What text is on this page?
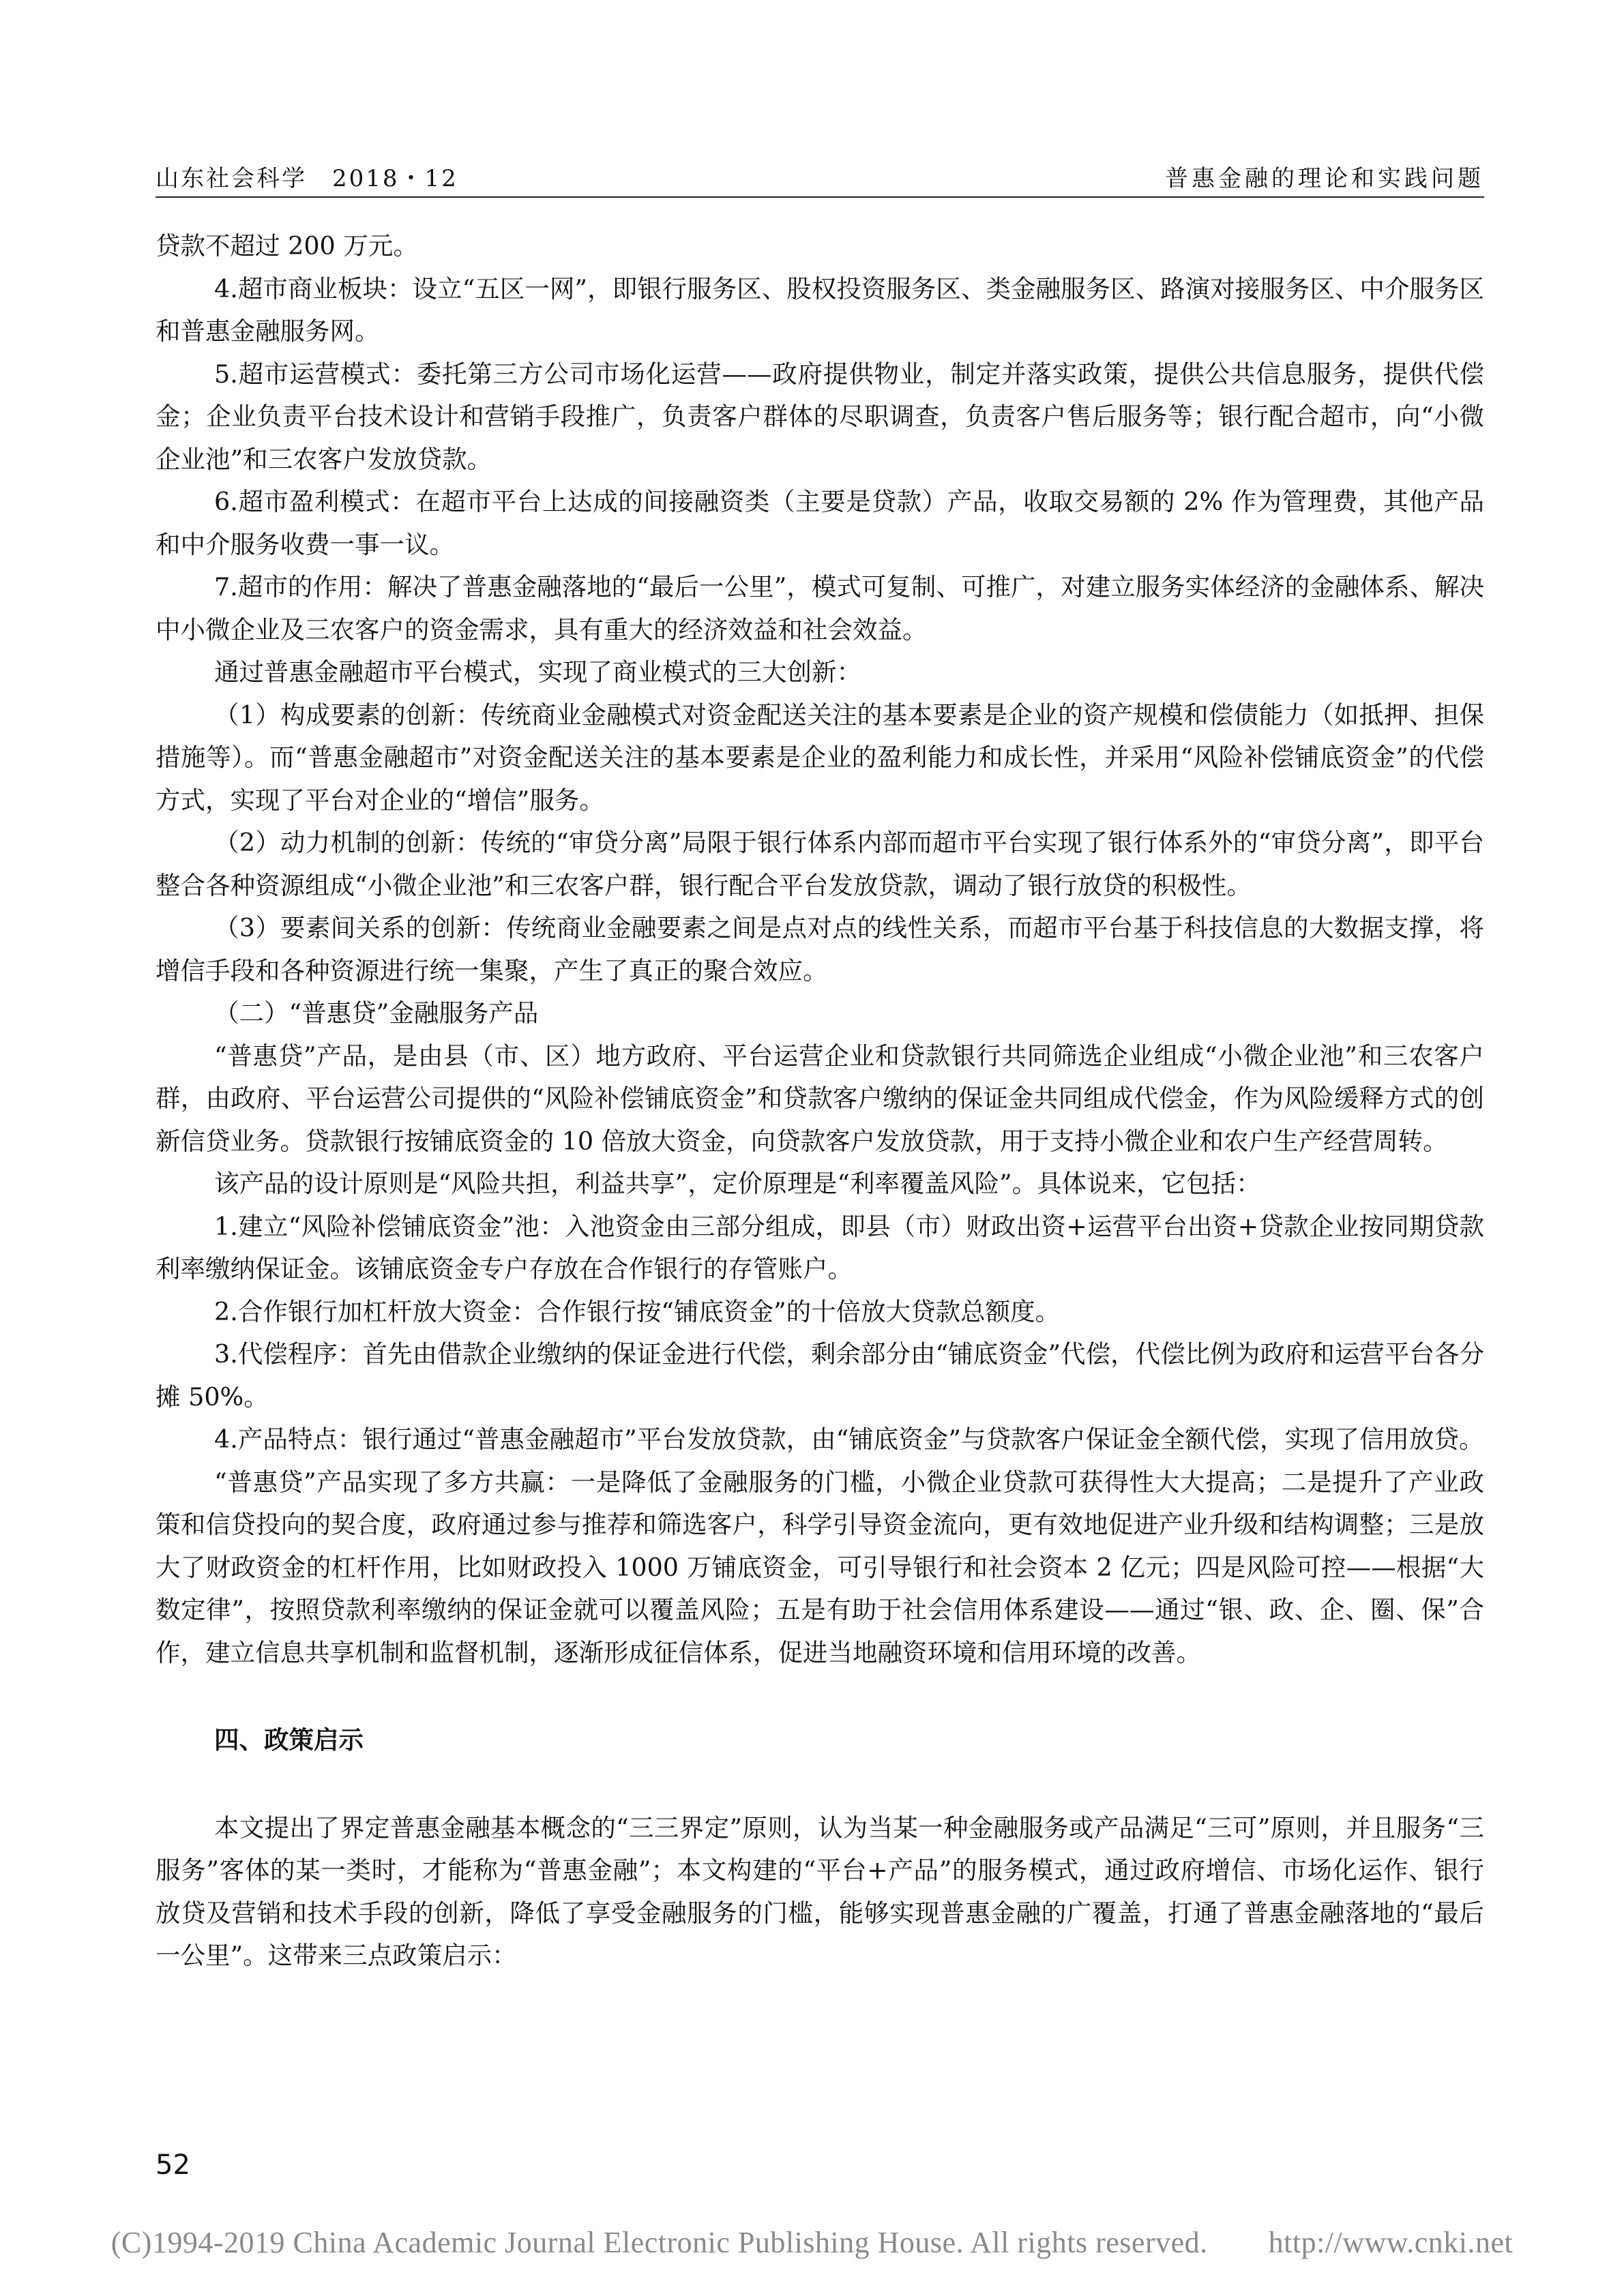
山东社会科学　2018・12	普惠金融的理论和实践问题

贷款不超过 200 万元。

4.超市商业板块：设立“五区一网”，即银行服务区、股权投资服务区、类金融服务区、路演对接服务区、中介服务区和普惠金融服务网。

5.超市运营模式：委托第三方公司市场化运营——政府提供物业，制定并落实政策，提供公共信息服务，提供代偿金；企业负责平台技术设计和营销手段推广，负责客户群体的尽职调查，负责客户售后服务等；银行配合超市，向“小微企业池”和三农客户发放贷款。

6.超市盈利模式：在超市平台上达成的间接融资类（主要是贷款）产品，收取交易额的 2% 作为管理费，其他产品和中介服务收费一事一议。

7.超市的作用：解决了普惠金融落地的“最后一公里”，模式可复制、可推广，对建立服务实体经济的金融体系、解决中小微企业及三农客户的资金需求，具有重大的经济效益和社会效益。

通过普惠金融超市平台模式，实现了商业模式的三大创新：

（1）构成要素的创新：传统商业金融模式对资金配送关注的基本要素是企业的资产规模和偿债能力（如抵押、担保措施等）。而“普惠金融超市”对资金配送关注的基本要素是企业的盈利能力和成长性，并采用“风险补偿铺底资金”的代偿方式，实现了平台对企业的“增信”服务。

（2）动力机制的创新：传统的“审贷分离”局限于银行体系内部而超市平台实现了银行体系外的“审贷分离”，即平台整合各种资源组成“小微企业池”和三农客户群，银行配合平台发放贷款，调动了银行放贷的积极性。

（3）要素间关系的创新：传统商业金融要素之间是点对点的线性关系，而超市平台基于科技信息的大数据支撑，将增信手段和各种资源进行统一集聚，产生了真正的聚合效应。

（二）“普惠贷”金融服务产品

“普惠贷”产品，是由县（市、区）地方政府、平台运营企业和贷款银行共同筛选企业组成“小微企业池”和三农客户群，由政府、平台运营公司提供的“风险补偿铺底资金”和贷款客户缴纳的保证金共同组成代偿金，作为风险缓释方式的创新信贷业务。贷款银行按铺底资金的 10 倍放大资金，向贷款客户发放贷款，用于支持小微企业和农户生产经营周转。

该产品的设计原则是“风险共担，利益共享”，定价原理是“利率覆盖风险”。具体说来，它包括：

1.建立“风险补偿铺底资金”池：入池资金由三部分组成，即县（市）财政出资+运营平台出资+贷款企业按同期贷款利率缴纳保证金。该铺底资金专户存放在合作银行的存管账户。

2.合作银行加杠杆放大资金：合作银行按“铺底资金”的十倍放大贷款总额度。

3.代偿程序：首先由借款企业缴纳的保证金进行代偿，剩余部分由“铺底资金”代偿，代偿比例为政府和运营平台各分摊 50%。

4.产品特点：银行通过“普惠金融超市”平台发放贷款，由“铺底资金”与贷款客户保证金全额代偿，实现了信用放贷。

“普惠贷”产品实现了多方共赢：一是降低了金融服务的门槛，小微企业贷款可获得性大大提高；二是提升了产业政策和信贷投向的契合度，政府通过参与推荐和筛选客户，科学引导资金流向，更有效地促进产业升级和结构调整；三是放大了财政资金的杠杆作用，比如财政投入 1000 万铺底资金，可引导银行和社会资本 2 亿元；四是风险可控——根据“大数定律”，按照贷款利率缴纳的保证金就可以覆盖风险；五是有助于社会信用体系建设——通过“银、政、企、圈、保”合作，建立信息共享机制和监督机制，逐渐形成征信体系，促进当地融资环境和信用环境的改善。

四、政策启示

本文提出了界定普惠金融基本概念的“三三界定”原则，认为当某一种金融服务或产品满足“三可”原则，并且服务“三服务”客体的某一类时，才能称为“普惠金融”；本文构建的“平台+产品”的服务模式，通过政府增信、市场化运作、银行放贷及营销和技术手段的创新，降低了享受金融服务的门槛，能够实现普惠金融的广覆盖，打通了普惠金融落地的“最后一公里”。这带来三点政策启示：

52
(C)1994-2019 China Academic Journal Electronic Publishing House. All rights reserved.　　http://www.cnki.net
